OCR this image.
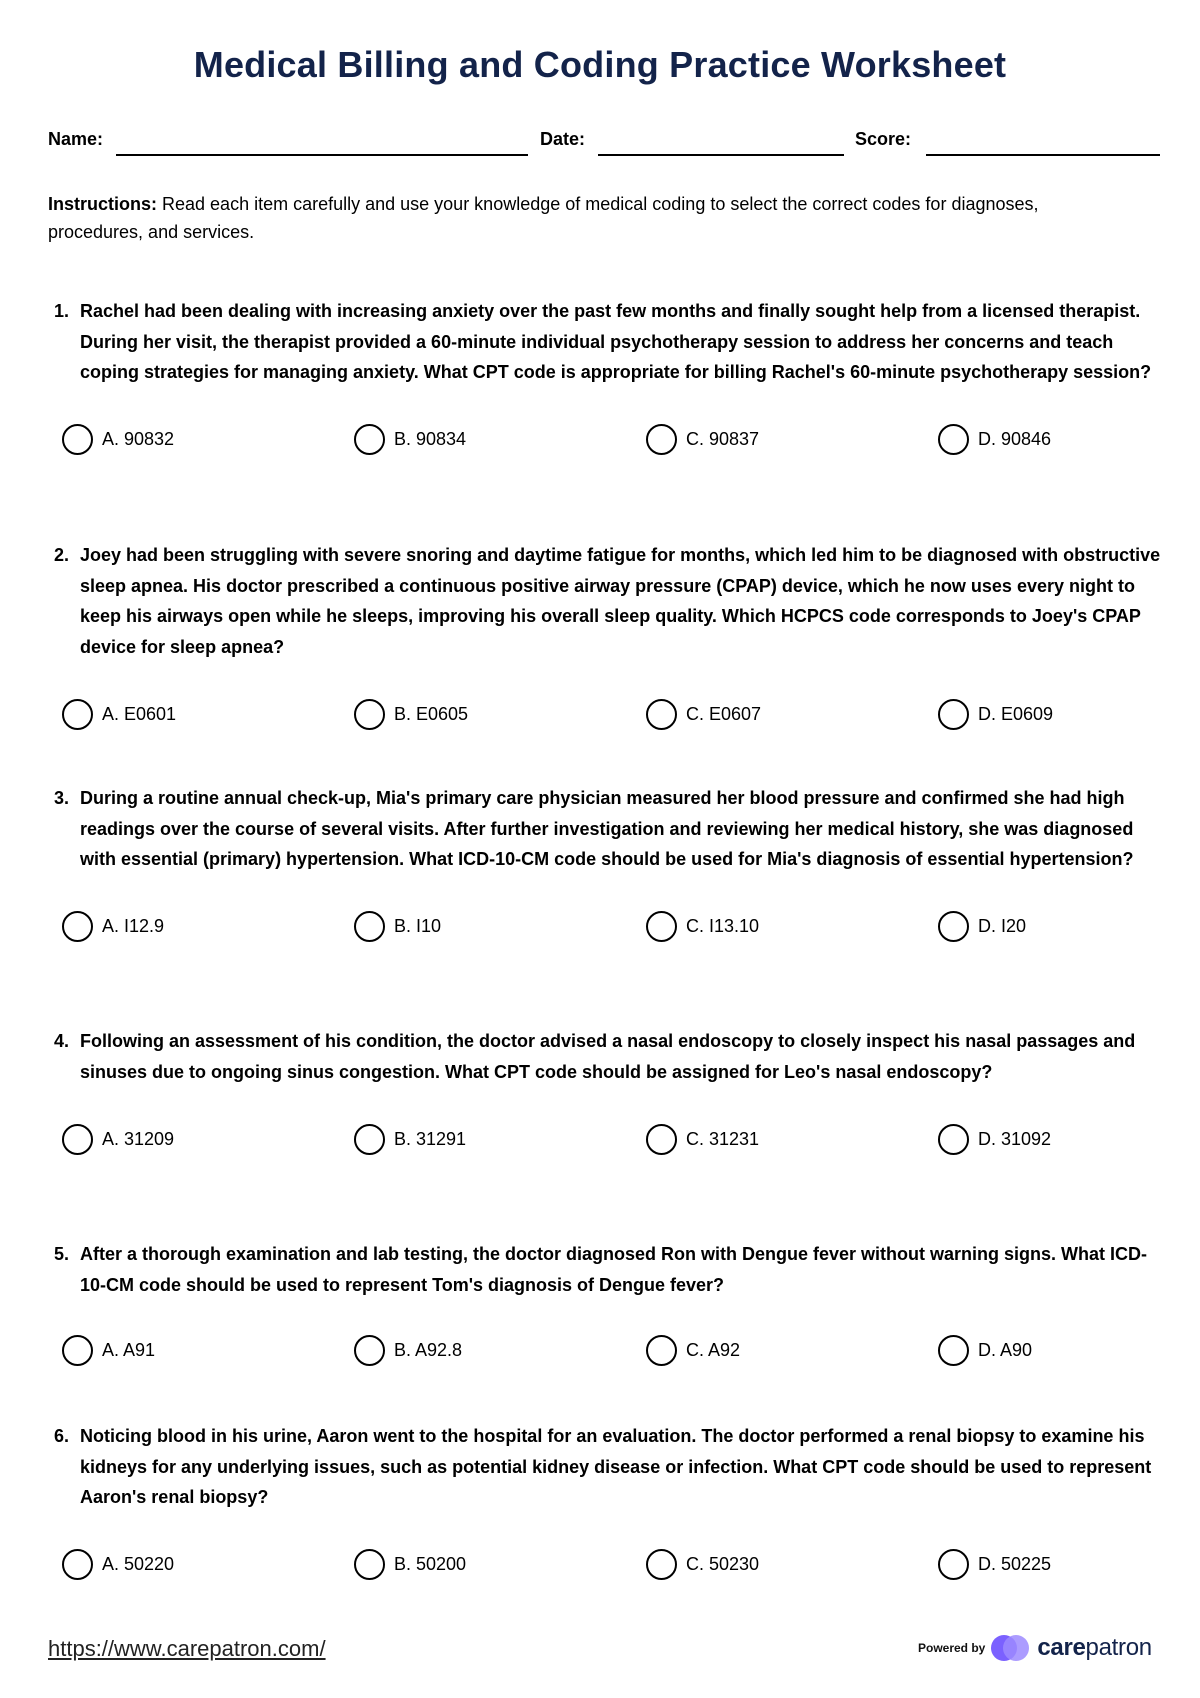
Medical Billing and Coding Practice Worksheet
Name:	Date:	Score:
Instructions: Read each item carefully and use your knowledge of medical coding to select the correct codes for diagnoses, procedures, and services.
1. Rachel had been dealing with increasing anxiety over the past few months and finally sought help from a licensed therapist. During her visit, the therapist provided a 60-minute individual psychotherapy session to address her concerns and teach coping strategies for managing anxiety. What CPT code is appropriate for billing Rachel's 60-minute psychotherapy session?
A. 90832	B. 90834	C. 90837	D. 90846
2. Joey had been struggling with severe snoring and daytime fatigue for months, which led him to be diagnosed with obstructive sleep apnea. His doctor prescribed a continuous positive airway pressure (CPAP) device, which he now uses every night to keep his airways open while he sleeps, improving his overall sleep quality. Which HCPCS code corresponds to Joey's CPAP device for sleep apnea?
A. E0601	B. E0605	C. E0607	D. E0609
3. During a routine annual check-up, Mia's primary care physician measured her blood pressure and confirmed she had high readings over the course of several visits. After further investigation and reviewing her medical history, she was diagnosed with essential (primary) hypertension. What ICD-10-CM code should be used for Mia's diagnosis of essential hypertension?
A. I12.9	B. I10	C. I13.10	D. I20
4. Following an assessment of his condition, the doctor advised a nasal endoscopy to closely inspect his nasal passages and sinuses due to ongoing sinus congestion. What CPT code should be assigned for Leo's nasal endoscopy?
A. 31209	B. 31291	C. 31231	D. 31092
5. After a thorough examination and lab testing, the doctor diagnosed Ron with Dengue fever without warning signs. What ICD-10-CM code should be used to represent Tom's diagnosis of Dengue fever?
A. A91	B. A92.8	C. A92	D. A90
6. Noticing blood in his urine, Aaron went to the hospital for an evaluation. The doctor performed a renal biopsy to examine his kidneys for any underlying issues, such as potential kidney disease or infection. What CPT code should be used to represent Aaron's renal biopsy?
A. 50220	B. 50200	C. 50230	D. 50225
https://www.carepatron.com/	Powered by carepatron
